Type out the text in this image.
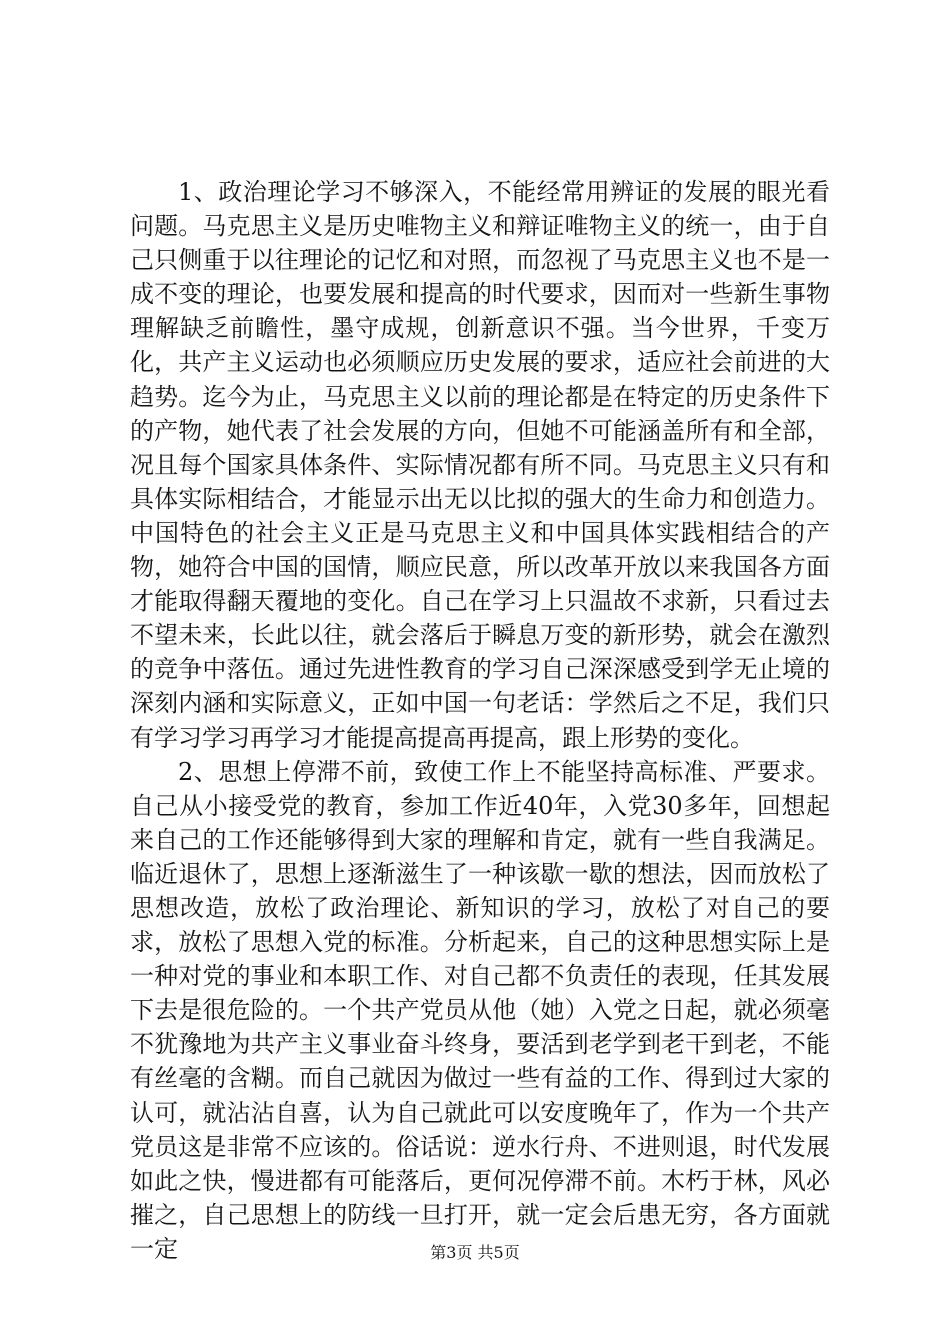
1、政治理论学习不够深入，不能经常用辨证的发展的眼光看问题。马克思主义是历史唯物主义和辩证唯物主义的统一，由于自己只侧重于以往理论的记忆和对照，而忽视了马克思主义也不是一成不变的理论，也要发展和提高的时代要求，因而对一些新生事物理解缺乏前瞻性，墨守成规，创新意识不强。当今世界，千变万化，共产主义运动也必须顺应历史发展的要求，适应社会前进的大趋势。迄今为止，马克思主义以前的理论都是在特定的历史条件下的产物，她代表了社会发展的方向，但她不可能涵盖所有和全部，况且每个国家具体条件、实际情况都有所不同。马克思主义只有和具体实际相结合，才能显示出无以比拟的强大的生命力和创造力。中国特色的社会主义正是马克思主义和中国具体实践相结合的产物，她符合中国的国情，顺应民意，所以改革开放以来我国各方面才能取得翻天覆地的变化。自己在学习上只温故不求新，只看过去不望未来，长此以往，就会落后于瞬息万变的新形势，就会在激烈的竞争中落伍。通过先进性教育的学习自己深深感受到学无止境的深刻内涵和实际意义，正如中国一句老话：学然后之不足，我们只有学习学习再学习才能提高提高再提高，跟上形势的变化。

2、思想上停滞不前，致使工作上不能坚持高标准、严要求。自己从小接受党的教育，参加工作近40年，入党30多年，回想起来自己的工作还能够得到大家的理解和肯定，就有一些自我满足。临近退休了，思想上逐渐滋生了一种该歇一歇的想法，因而放松了思想改造，放松了政治理论、新知识的学习，放松了对自己的要求，放松了思想入党的标准。分析起来，自己的这种思想实际上是一种对党的事业和本职工作、对自己都不负责任的表现，任其发展下去是很危险的。一个共产党员从他（她）入党之日起，就必须毫不犹豫地为共产主义事业奋斗终身，要活到老学到老干到老，不能有丝毫的含糊。而自己就因为做过一些有益的工作、得到过大家的认可，就沾沾自喜，认为自己就此可以安度晚年了，作为一个共产党员这是非常不应该的。俗话说：逆水行舟、不进则退，时代发展如此之快，慢进都有可能落后，更何况停滞不前。木朽于林，风必摧之，自己思想上的防线一旦打开，就一定会后患无穷，各方面就一定	第3页 共5页
